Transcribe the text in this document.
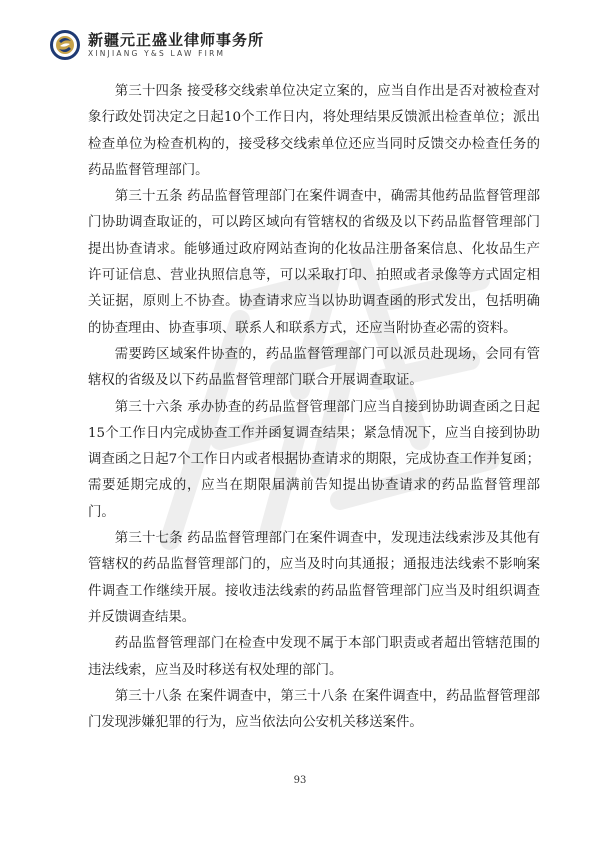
新疆元正盛业律师事务所
XINJIANG Y&S LAW FIRM

第三十四条 接受移交线索单位决定立案的，应当自作出是否对被检查对象行政处罚决定之日起10个工作日内，将处理结果反馈派出检查单位；派出检查单位为检查机构的，接受移交线索单位还应当同时反馈交办检查任务的药品监督管理部门。

第三十五条 药品监督管理部门在案件调查中，确需其他药品监督管理部门协助调查取证的，可以跨区域向有管辖权的省级及以下药品监督管理部门提出协查请求。能够通过政府网站查询的化妆品注册备案信息、化妆品生产许可证信息、营业执照信息等，可以采取打印、拍照或者录像等方式固定相关证据，原则上不协查。协查请求应当以协助调查函的形式发出，包括明确的协查理由、协查事项、联系人和联系方式，还应当附协查必需的资料。

需要跨区域案件协查的，药品监督管理部门可以派员赴现场，会同有管辖权的省级及以下药品监督管理部门联合开展调查取证。

第三十六条 承办协查的药品监督管理部门应当自接到协助调查函之日起15个工作日内完成协查工作并函复调查结果；紧急情况下，应当自接到协助调查函之日起7个工作日内或者根据协查请求的期限，完成协查工作并复函；需要延期完成的，应当在期限届满前告知提出协查请求的药品监督管理部门。

第三十七条 药品监督管理部门在案件调查中，发现违法线索涉及其他有管辖权的药品监督管理部门的，应当及时向其通报；通报违法线索不影响案件调查工作继续开展。接收违法线索的药品监督管理部门应当及时组织调查并反馈调查结果。

药品监督管理部门在检查中发现不属于本部门职责或者超出管辖范围的违法线索，应当及时移送有权处理的部门。

第三十八条 在案件调查中，第三十八条 在案件调查中，药品监督管理部门发现涉嫌犯罪的行为，应当依法向公安机关移送案件。

93
